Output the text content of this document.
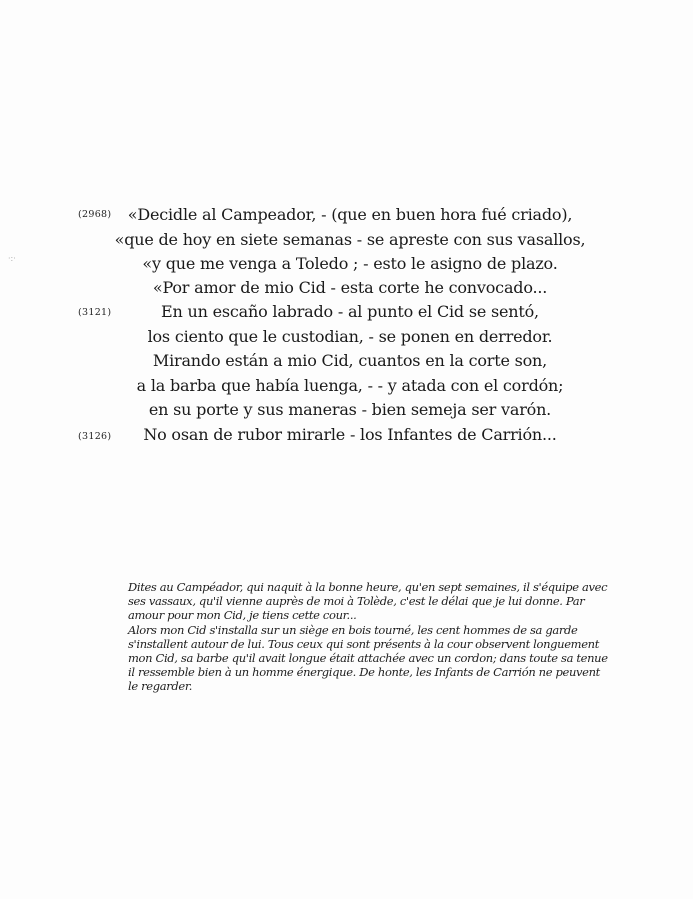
·:·
(2968)
(3121)
(3126)
«Decidle al Campeador, - (que en buen hora fué criado),
«que de hoy en siete semanas - se apreste con sus vasallos,
«y que me venga a Toledo ; - esto le asigno de plazo.
«Por amor de mio Cid - esta corte he convocado...
En un escaño labrado - al punto el Cid se sentó,
los ciento que le custodian, - se ponen en derredor.
Mirando están a mio Cid, cuantos en la corte son,
a la barba que había luenga, - - y atada con el cordón;
en su porte y sus maneras - bien semeja ser varón.
No osan de rubor mirarle - los Infantes de Carrión...
Dites au Campéador, qui naquit à la bonne heure, qu'en sept semaines, il s'équipe avec
ses vassaux, qu'il vienne auprès de moi à Tolède, c'est le délai que je lui donne. Par
amour pour mon Cid, je tiens cette cour...
Alors mon Cid s'installa sur un siège en bois tourné, les cent hommes de sa garde
s'installent autour de lui. Tous ceux qui sont présents à la cour observent longuement
mon Cid, sa barbe qu'il avait longue était attachée avec un cordon; dans toute sa tenue
il ressemble bien à un homme énergique. De honte, les Infants de Carrión ne peuvent
le regarder.
